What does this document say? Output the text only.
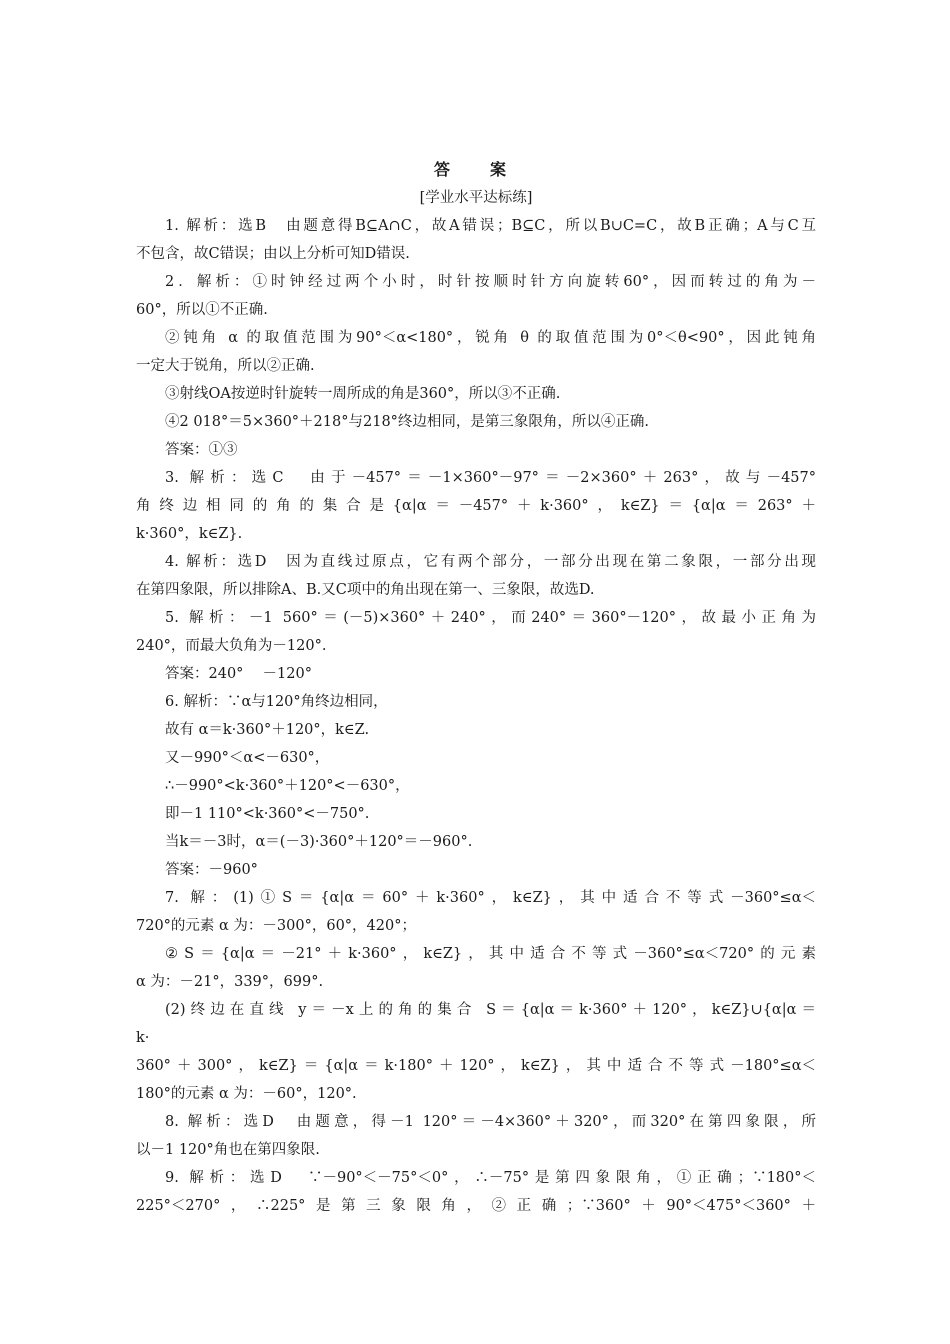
答　案
[学业水平达标练]
1. 解析：选B　由题意得B⊆A∩C，故A错误；B⊆C，所以B∪C=C，故B正确；A与C互
不包含，故C错误；由以上分析可知D错误.
2．解析：①时钟经过两个小时，时针按顺时针方向旋转60°，因而转过的角为－
60°，所以①不正确.
②钝角 α 的取值范围为90°＜α<180°，锐角 θ 的取值范围为0°＜θ<90°，因此钝角
一定大于锐角，所以②正确.
③射线OA按逆时针旋转一周所成的角是360°，所以③不正确.
④2 018°＝5×360°＋218°与218°终边相同，是第三象限角，所以④正确.
答案：①③
3. 解析：选C　由于－457°＝－1×360°－97°＝－2×360°＋263°，故与－457°
角终边相同的角的集合是{α|α＝－457°＋k·360°，k∈Z}＝{α|α＝263°＋
k·360°，k∈Z}.
4. 解析：选D　因为直线过原点，它有两个部分，一部分出现在第二象限，一部分出现
在第四象限，所以排除A、B.又C项中的角出现在第一、三象限，故选D.
5. 解析：－1 560°＝(－5)×360°＋240°，而240°＝360°－120°，故最小正角为
240°，而最大负角为－120°.
答案：240°　 －120°
6. 解析：∵α与120°角终边相同，
故有 α＝k·360°＋120°，k∈Z.
又－990°＜α<－630°，
∴－990°<k·360°＋120°<－630°，
即－1 110°<k·360°<－750°.
当k＝－3时，α＝(－3)·360°＋120°＝－960°.
答案：－960°
7. 解：(1)①S＝{α|α＝60°＋k·360°，k∈Z}，其中适合不等式－360°≤α＜
720°的元素 α 为：－300°，60°，420°；
②S＝{α|α＝－21°＋k·360°，k∈Z}，其中适合不等式－360°≤α＜720°的元素
α 为：－21°，339°，699°.
(2)终边在直线 y＝－x上的角的集合 S＝{α|α＝k·360°＋120°，k∈Z}∪{α|α＝
k·
360°＋300°，k∈Z}＝{α|α＝k·180°＋120°，k∈Z}，其中适合不等式－180°≤α＜
180°的元素 α 为：－60°，120°.
8. 解析：选D　由题意，得－1 120°＝－4×360°＋320°，而320°在第四象限，所
以－1 120°角也在第四象限.
9. 解析：选D　∵－90°＜－75°＜0°，∴－75°是第四象限角，①正确；∵180°＜
225°＜270°，∴225°是第三象限角，②正确；∵360°＋90°＜475°＜360°＋
